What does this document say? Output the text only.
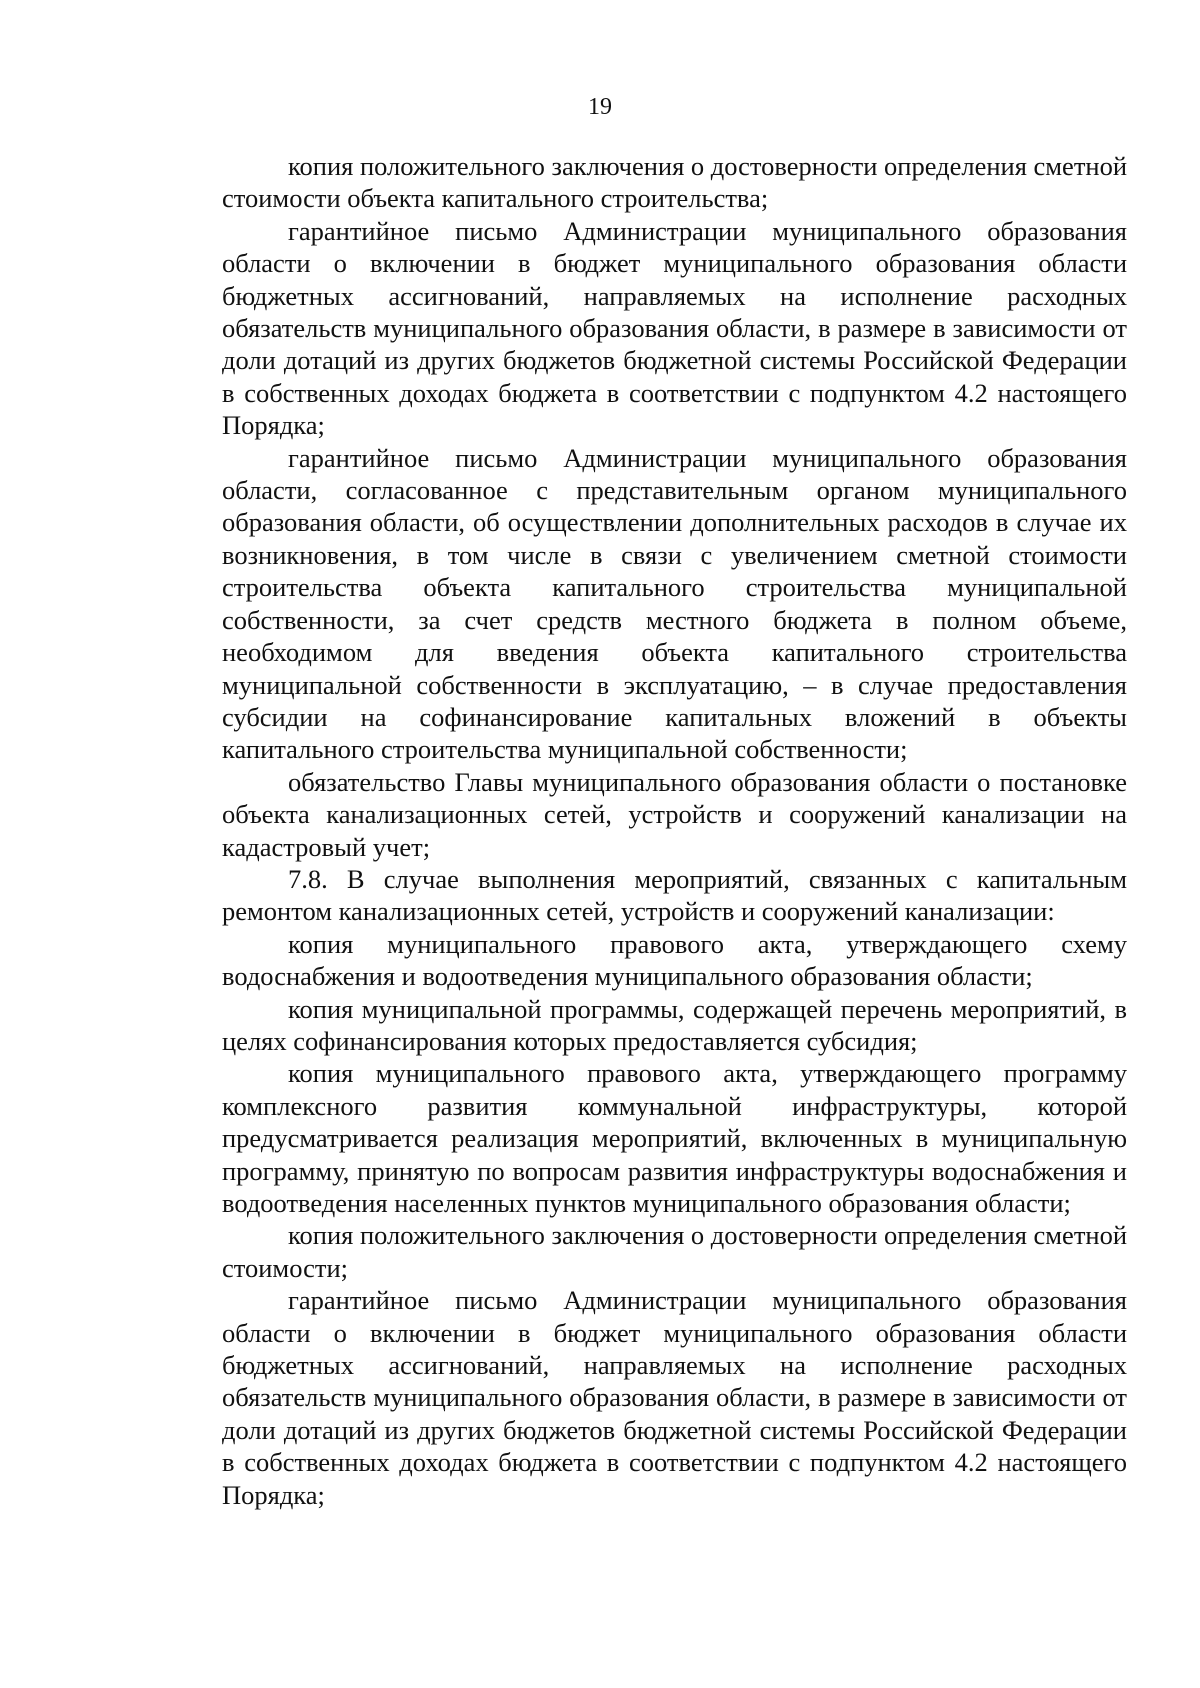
19

копия положительного заключения о достоверности определения сметной стоимости объекта капитального строительства;

гарантийное письмо Администрации муниципального образования области о включении в бюджет муниципального образования области бюджетных ассигнований, направляемых на исполнение расходных обязательств муниципального образования области, в размере в зависимости от доли дотаций из других бюджетов бюджетной системы Российской Федерации в собственных доходах бюджета в соответствии с подпунктом 4.2 настоящего Порядка;

гарантийное письмо Администрации муниципального образования области, согласованное с представительным органом муниципального образования области, об осуществлении дополнительных расходов в случае их возникновения, в том числе в связи с увеличением сметной стоимости строительства объекта капитального строительства муниципальной собственности, за счет средств местного бюджета в полном объеме, необходимом для введения объекта капитального строительства муниципальной собственности в эксплуатацию, – в случае предоставления субсидии на софинансирование капитальных вложений в объекты капитального строительства муниципальной собственности;

обязательство Главы муниципального образования области о постановке объекта канализационных сетей, устройств и сооружений канализации на кадастровый учет;

7.8. В случае выполнения мероприятий, связанных с капитальным ремонтом канализационных сетей, устройств и сооружений канализации:

копия муниципального правового акта, утверждающего схему водоснабжения и водоотведения муниципального образования области;

копия муниципальной программы, содержащей перечень мероприятий, в целях софинансирования которых предоставляется субсидия;

копия муниципального правового акта, утверждающего программу комплексного развития коммунальной инфраструктуры, которой предусматривается реализация мероприятий, включенных в муниципальную программу, принятую по вопросам развития инфраструктуры водоснабжения и водоотведения населенных пунктов муниципального образования области;

копия положительного заключения о достоверности определения сметной стоимости;

гарантийное письмо Администрации муниципального образования области о включении в бюджет муниципального образования области бюджетных ассигнований, направляемых на исполнение расходных обязательств муниципального образования области, в размере в зависимости от доли дотаций из других бюджетов бюджетной системы Российской Федерации в собственных доходах бюджета в соответствии с подпунктом 4.2 настоящего Порядка;
